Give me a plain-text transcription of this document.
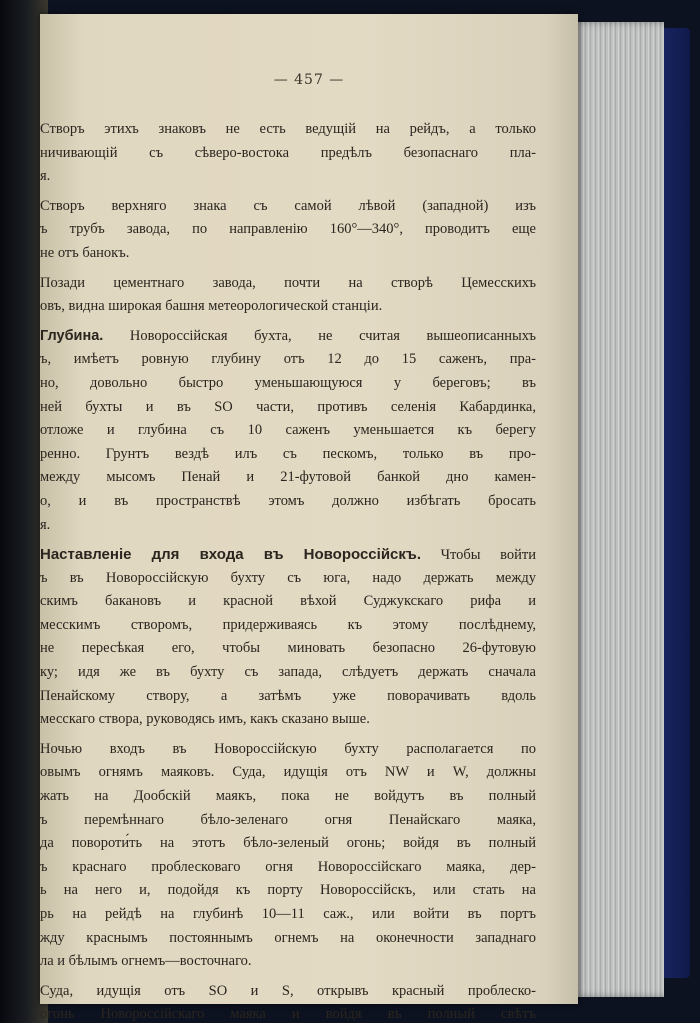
— 457 —
Створъ этихъ знаковъ не есть ведущій на рейдъ, а только
ничивающій съ сѣверо-востока предѣлъ безопаснаго пла-
я.
Створъ верхняго знака съ самой лѣвой (западной) изъ
ъ трубъ завода, по направленію 160°—340°, проводитъ еще
не отъ банокъ.
Позади цементнаго завода, почти на створѣ Цемесскихъ
овъ, видна широкая башня метеорологической станціи.
Глубина. Новороссійская бухта, не считая вышеописанныхъ
ъ, имѣетъ ровную глубину отъ 12 до 15 саженъ, пра-
но, довольно быстро уменьшающуюся у береговъ; въ
ней бухты и въ SO части, противъ селенія Кабардинка,
отложе и глубина съ 10 саженъ уменьшается къ берегу
ренно. Грунтъ вездѣ илъ съ пескомъ, только въ про-
между мысомъ Пенай и 21-футовой банкой дно камен-
о, и въ пространствѣ этомъ должно избѣгать бросать
я.
Наставленіе для входа въ Новороссійскъ. Чтобы войти
ъ въ Новороссійскую бухту съ юга, надо держать между
скимъ бакановъ и красной вѣхой Суджукскаго рифа и
месскимъ створомъ, придерживаясь къ этому послѣднему,
не пересѣкая его, чтобы миновать безопасно 26-футовую
ку; идя же въ бухту съ запада, слѣдуетъ держать сначала
Пенайскому створу, а затѣмъ уже поворачивать вдоль
месскаго створа, руководясь имъ, какъ сказано выше.
Ночью входъ въ Новороссійскую бухту располагается по
овымъ огнямъ маяковъ. Суда, идущія отъ NW и W, должны
жать на Дообскій маякъ, пока не войдутъ въ полный
ъ перемѣннаго бѣло-зеленаго огня Пенайскаго маяка,
да повороти́ть на этотъ бѣло-зеленый огонь; войдя въ полный
ъ краснаго проблесковаго огня Новороссійскаго маяка, дер-
ь на него и, подойдя къ порту Новороссійскъ, или стать на
рь на рейдѣ на глубинѣ 10—11 саж., или войти въ портъ
жду краснымъ постояннымъ огнемъ на оконечности западнаго
ла и бѣлымъ огнемъ—восточнаго.
Суда, идущія отъ SO и S, открывъ красный проблеско-
огонь Новороссійскаго маяка и войдя въ полный свѣтъ
